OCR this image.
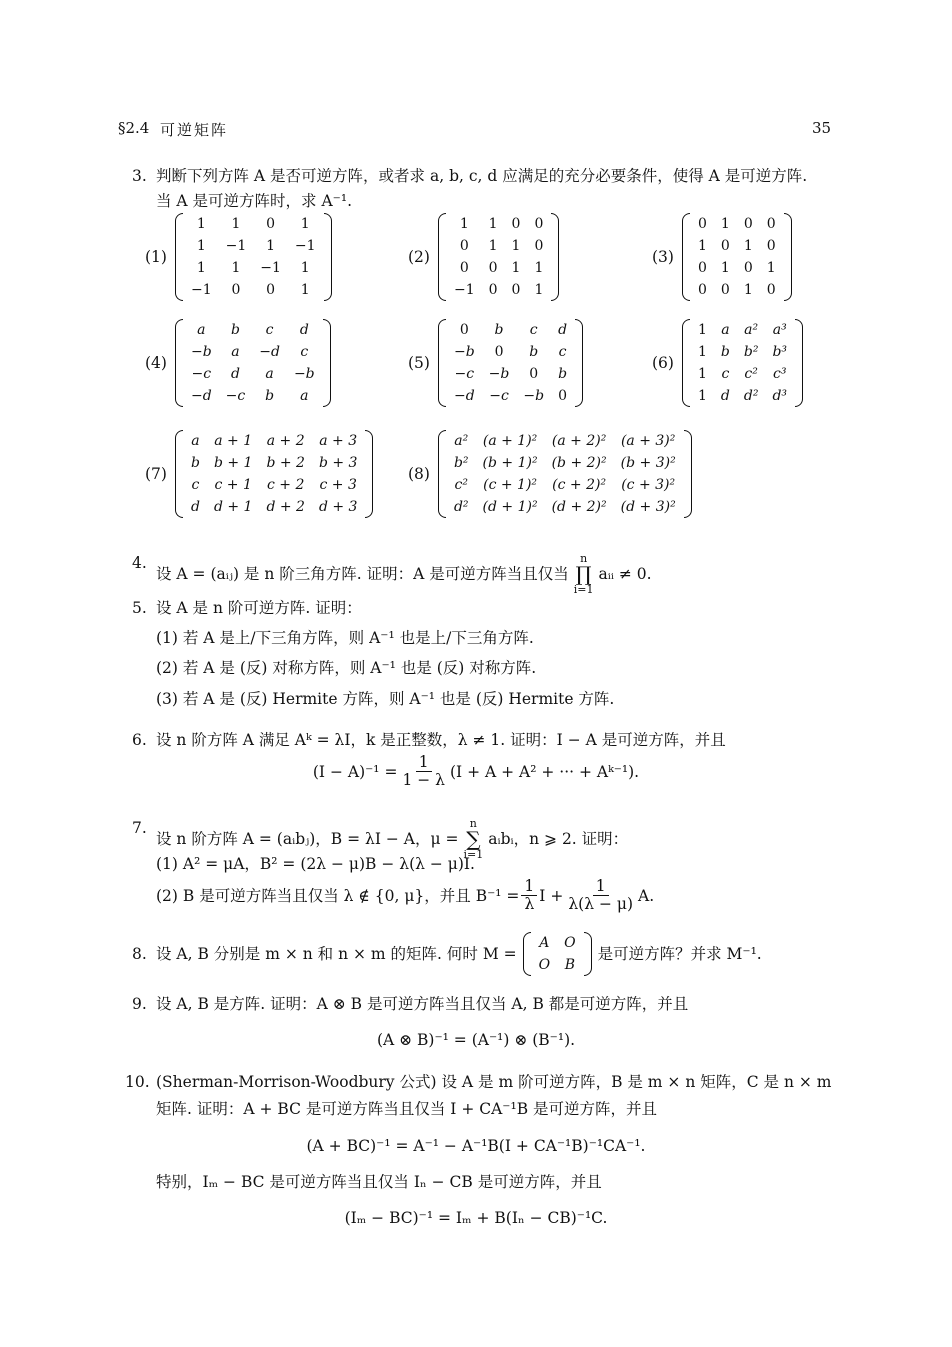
§2.4 可逆矩阵	35
3. 判断下列方阵 A 是否可逆方阵，或者求 a, b, c, d 应满足的充分必要条件，使得 A 是可逆方阵.
当 A 是可逆方阵时，求 A⁻¹.
(1)
1	1	0	1
1	−1	1	−1
1	1	−1	1
−1	0	0	1
(2)
1	1	0	0
0	1	1	0
0	0	1	1
−1	0	0	1
(3)
0	1	0	0
1	0	1	0
0	1	0	1
0	0	1	0
(4)
a	b	c	d
−b	a	−d	c
−c	d	a	−b
−d	−c	b	a
(5)
0	b	c	d
−b	0	b	c
−c	−b	0	b
−d	−c	−b	0
(6)
1	a	a²	a³
1	b	b²	b³
1	c	c²	c³
1	d	d²	d³
(7)
a	a + 1	a + 2	a + 3
b	b + 1	b + 2	b + 3
c	c + 1	c + 2	c + 3
d	d + 1	d + 2	d + 3
(8)
a²	(a + 1)²	(a + 2)²	(a + 3)²
b²	(b + 1)²	(b + 2)²	(b + 3)²
c²	(c + 1)²	(c + 2)²	(c + 3)²
d²	(d + 1)²	(d + 2)²	(d + 3)²
4.
设 A = (aᵢⱼ) 是 n 阶三角方阵. 证明：A 是可逆方阵当且仅当
n
∏
i=1
aᵢᵢ ≠ 0.
5. 设 A 是 n 阶可逆方阵. 证明：
(1) 若 A 是上/下三角方阵，则 A⁻¹ 也是上/下三角方阵.
(2) 若 A 是 (反) 对称方阵，则 A⁻¹ 也是 (反) 对称方阵.
(3) 若 A 是 (反) Hermite 方阵，则 A⁻¹ 也是 (反) Hermite 方阵.
6. 设 n 阶方阵 A 满足 Aᵏ = λI，k 是正整数，λ ≠ 1. 证明：I − A 是可逆方阵，并且
$(I - A)^{-1} = \frac{1}{1 - \lambda} (I + A + A^2$ + ··· + Aᵏ⁻¹).
7.
设 n 阶方阵 A = (aᵢbⱼ)，B = λI − A，μ =
n
∑
i=1
aᵢbᵢ，n ⩾ 2. 证明：
(1) A² = μA，B² = (2λ − μ)B − λ(λ − μ)I.
(2) B 是可逆方阵当且仅当 λ ∉ {0, μ}，并且 $B^{-1} = \frac{1}{\lambda}$ $I + \frac{1}{\lambda(\lambda - \mu)} A$.
8. 设 A, B 分别是 m × n 和 n × m 的矩阵. 何时 M =
A	O
O	B
是可逆方阵？并求 M⁻¹.
9. 设 A, B 是方阵. 证明：A ⊗ B 是可逆方阵当且仅当 A, B 都是可逆方阵，并且
(A ⊗ B)⁻¹ = (A⁻¹) ⊗ (B⁻¹).
10. (Sherman-Morrison-Woodbury 公式) 设 A 是 m 阶可逆方阵，B 是 m × n 矩阵，C 是 n × m
矩阵. 证明：A + BC 是可逆方阵当且仅当 I + CA⁻¹B 是可逆方阵，并且
(A + BC)⁻¹ = A⁻¹ − A⁻¹B(I + CA⁻¹B)⁻¹CA⁻¹.
特别，Iₘ − BC 是可逆方阵当且仅当 Iₙ − CB 是可逆方阵，并且
(Iₘ − BC)⁻¹ = Iₘ + B(Iₙ − CB)⁻¹C.
